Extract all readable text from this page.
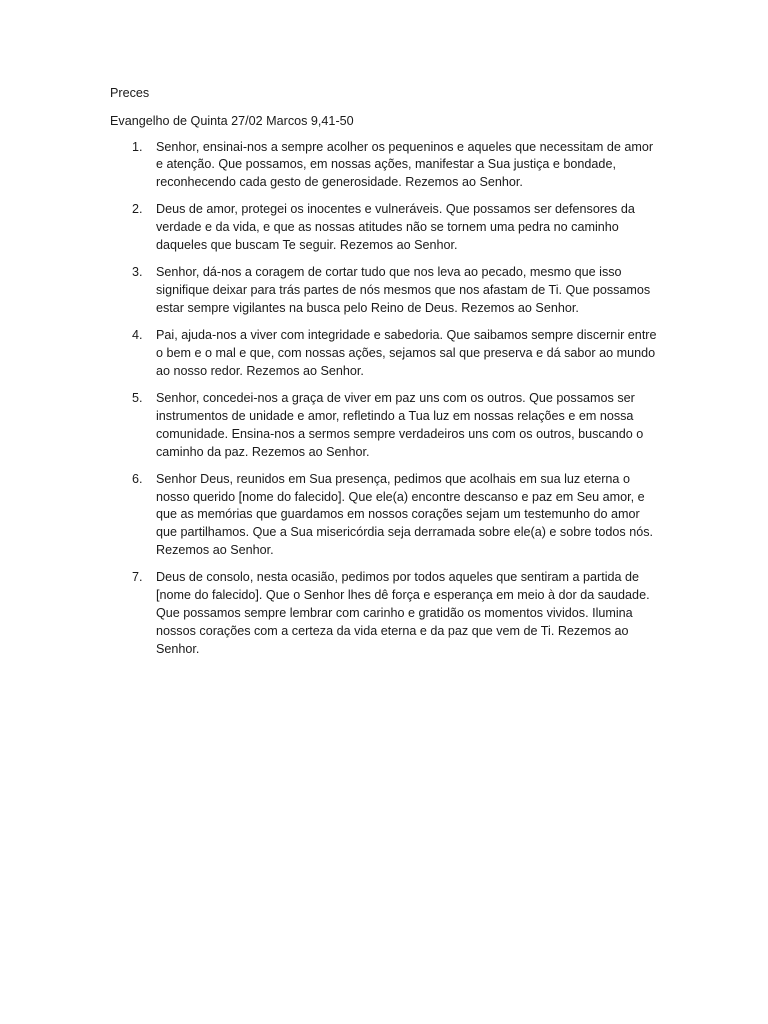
Preces
Evangelho de Quinta 27/02 Marcos 9,41-50
1.	Senhor, ensinai-nos a sempre acolher os pequeninos e aqueles que necessitam de amor e atenção. Que possamos, em nossas ações, manifestar a Sua justiça e bondade, reconhecendo cada gesto de generosidade. Rezemos ao Senhor.
2.	Deus de amor, protegei os inocentes e vulneráveis. Que possamos ser defensores da verdade e da vida, e que as nossas atitudes não se tornem uma pedra no caminho daqueles que buscam Te seguir. Rezemos ao Senhor.
3.	Senhor, dá-nos a coragem de cortar tudo que nos leva ao pecado, mesmo que isso signifique deixar para trás partes de nós mesmos que nos afastam de Ti. Que possamos estar sempre vigilantes na busca pelo Reino de Deus. Rezemos ao Senhor.
4.	Pai, ajuda-nos a viver com integridade e sabedoria. Que saibamos sempre discernir entre o bem e o mal e que, com nossas ações, sejamos sal que preserva e dá sabor ao mundo ao nosso redor. Rezemos ao Senhor.
5.	Senhor, concedei-nos a graça de viver em paz uns com os outros. Que possamos ser instrumentos de unidade e amor, refletindo a Tua luz em nossas relações e em nossa comunidade. Ensina-nos a sermos sempre verdadeiros uns com os outros, buscando o caminho da paz. Rezemos ao Senhor.
6.	Senhor Deus, reunidos em Sua presença, pedimos que acolhais em sua luz eterna o nosso querido [nome do falecido]. Que ele(a) encontre descanso e paz em Seu amor, e que as memórias que guardamos em nossos corações sejam um testemunho do amor que partilhamos. Que a Sua misericórdia seja derramada sobre ele(a) e sobre todos nós. Rezemos ao Senhor.
7.	Deus de consolo, nesta ocasião, pedimos por todos aqueles que sentiram a partida de [nome do falecido]. Que o Senhor lhes dê força e esperança em meio à dor da saudade. Que possamos sempre lembrar com carinho e gratidão os momentos vividos. Ilumina nossos corações com a certeza da vida eterna e da paz que vem de Ti. Rezemos ao Senhor.
